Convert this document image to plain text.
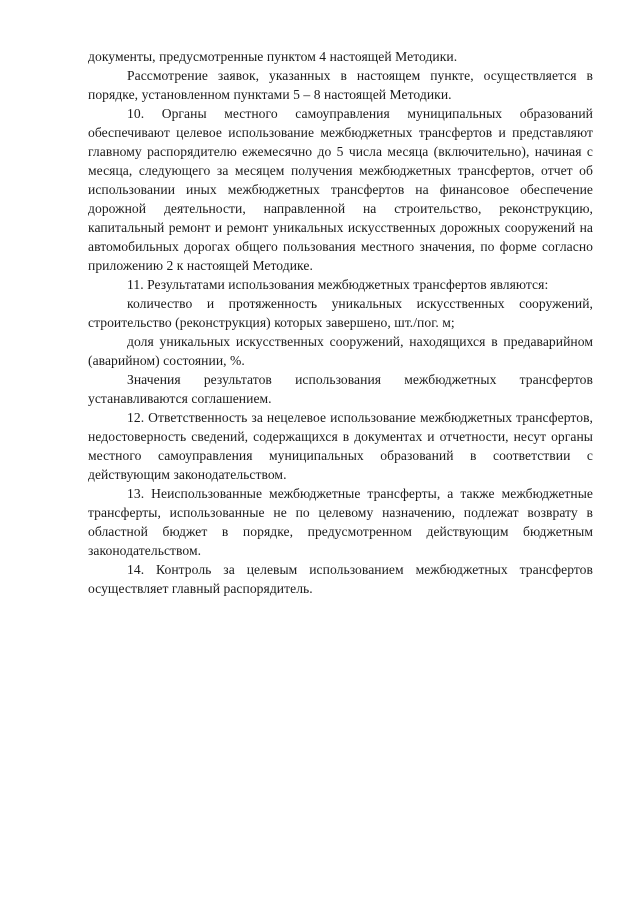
документы, предусмотренные пунктом 4 настоящей Методики.

Рассмотрение заявок, указанных в настоящем пункте, осуществляется в порядке, установленном пунктами 5 – 8 настоящей Методики.

10. Органы местного самоуправления муниципальных образований обеспечивают целевое использование межбюджетных трансфертов и представляют главному распорядителю ежемесячно до 5 числа месяца (включительно), начиная с месяца, следующего за месяцем получения межбюджетных трансфертов, отчет об использовании иных межбюджетных трансфертов на финансовое обеспечение дорожной деятельности, направленной на строительство, реконструкцию, капитальный ремонт и ремонт уникальных искусственных дорожных сооружений на автомобильных дорогах общего пользования местного значения, по форме согласно приложению 2 к настоящей Методике.

11. Результатами использования межбюджетных трансфертов являются:

количество и протяженность уникальных искусственных сооружений, строительство (реконструкция) которых завершено, шт./пог. м;

доля уникальных искусственных сооружений, находящихся в предаварийном (аварийном) состоянии, %.

Значения результатов использования межбюджетных трансфертов устанавливаются соглашением.

12. Ответственность за нецелевое использование межбюджетных трансфертов, недостоверность сведений, содержащихся в документах и отчетности, несут органы местного самоуправления муниципальных образований в соответствии с действующим законодательством.

13. Неиспользованные межбюджетные трансферты, а также межбюджетные трансферты, использованные не по целевому назначению, подлежат возврату в областной бюджет в порядке, предусмотренном действующим бюджетным законодательством.

14. Контроль за целевым использованием межбюджетных трансфертов осуществляет главный распорядитель.
